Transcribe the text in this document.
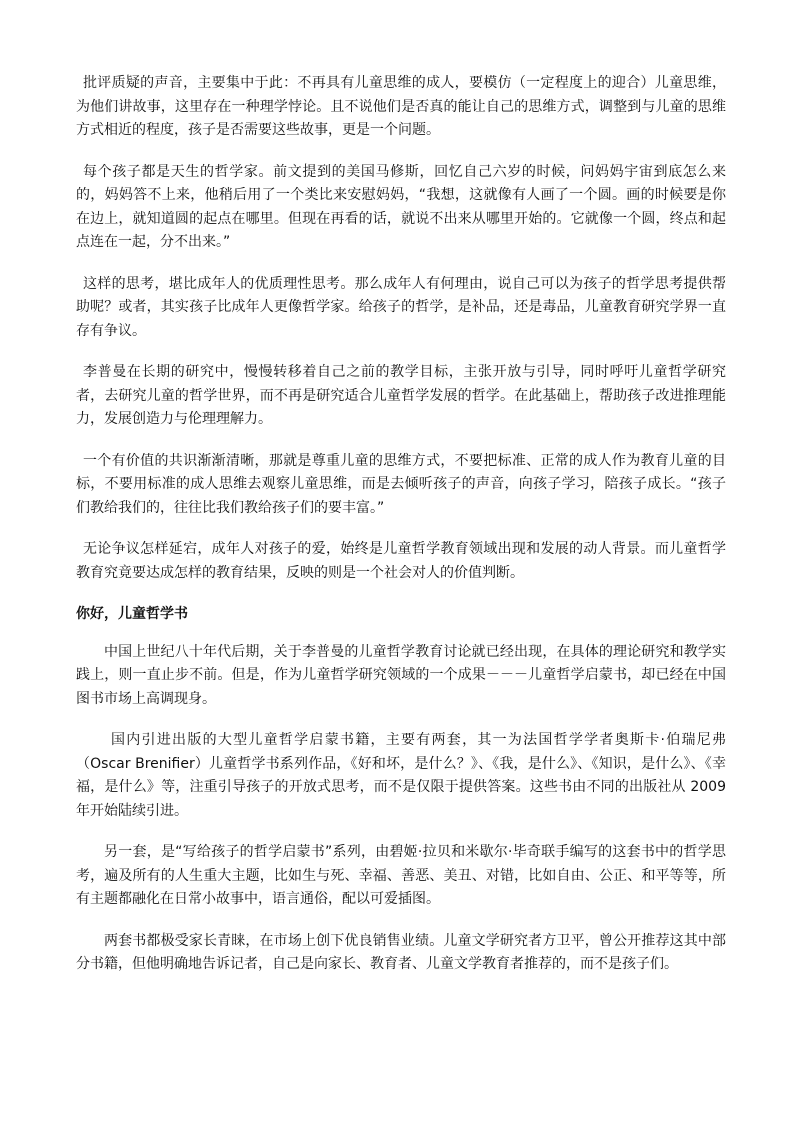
批评质疑的声音，主要集中于此：不再具有儿童思维的成人，要模仿（一定程度上的迎合）儿童思维，为他们讲故事，这里存在一种理学悖论。且不说他们是否真的能让自己的思维方式，调整到与儿童的思维方式相近的程度，孩子是否需要这些故事，更是一个问题。

每个孩子都是天生的哲学家。前文提到的美国马修斯，回忆自己六岁的时候，问妈妈宇宙到底怎么来的，妈妈答不上来，他稍后用了一个类比来安慰妈妈，“我想，这就像有人画了一个圆。画的时候要是你在边上，就知道圆的起点在哪里。但现在再看的话，就说不出来从哪里开始的。它就像一个圆，终点和起点连在一起，分不出来。”

这样的思考，堪比成年人的优质理性思考。那么成年人有何理由，说自己可以为孩子的哲学思考提供帮助呢？或者，其实孩子比成年人更像哲学家。给孩子的哲学，是补品，还是毒品，儿童教育研究学界一直存有争议。

李普曼在长期的研究中，慢慢转移着自己之前的教学目标，主张开放与引导，同时呼吁儿童哲学研究者，去研究儿童的哲学世界，而不再是研究适合儿童哲学发展的哲学。在此基础上，帮助孩子改进推理能力，发展创造力与伦理理解力。

一个有价值的共识渐渐清晰，那就是尊重儿童的思维方式，不要把标准、正常的成人作为教育儿童的目标，不要用标准的成人思维去观察儿童思维，而是去倾听孩子的声音，向孩子学习，陪孩子成长。“孩子们教给我们的，往往比我们教给孩子们的要丰富。”

无论争议怎样延宕，成年人对孩子的爱，始终是儿童哲学教育领域出现和发展的动人背景。而儿童哲学教育究竟要达成怎样的教育结果，反映的则是一个社会对人的价值判断。

你好，儿童哲学书

中国上世纪八十年代后期，关于李普曼的儿童哲学教育讨论就已经出现，在具体的理论研究和教学实践上，则一直止步不前。但是，作为儿童哲学研究领域的一个成果－－－儿童哲学启蒙书，却已经在中国图书市场上高调现身。

国内引进出版的大型儿童哲学启蒙书籍，主要有两套，其一为法国哲学学者奥斯卡·伯瑞尼弗（Oscar Brenifier）儿童哲学书系列作品，《好和坏，是什么？》、《我，是什么》、《知识，是什么》、《幸福，是什么》等，注重引导孩子的开放式思考，而不是仅限于提供答案。这些书由不同的出版社从 2009 年开始陆续引进。

另一套，是“写给孩子的哲学启蒙书”系列，由碧姬·拉贝和米歇尔·毕奇联手编写的这套书中的哲学思考，遍及所有的人生重大主题，比如生与死、幸福、善恶、美丑、对错，比如自由、公正、和平等等，所有主题都融化在日常小故事中，语言通俗，配以可爱插图。

两套书都极受家长青睐，在市场上创下优良销售业绩。儿童文学研究者方卫平，曾公开推荐这其中部分书籍，但他明确地告诉记者，自己是向家长、教育者、儿童文学教育者推荐的，而不是孩子们。
